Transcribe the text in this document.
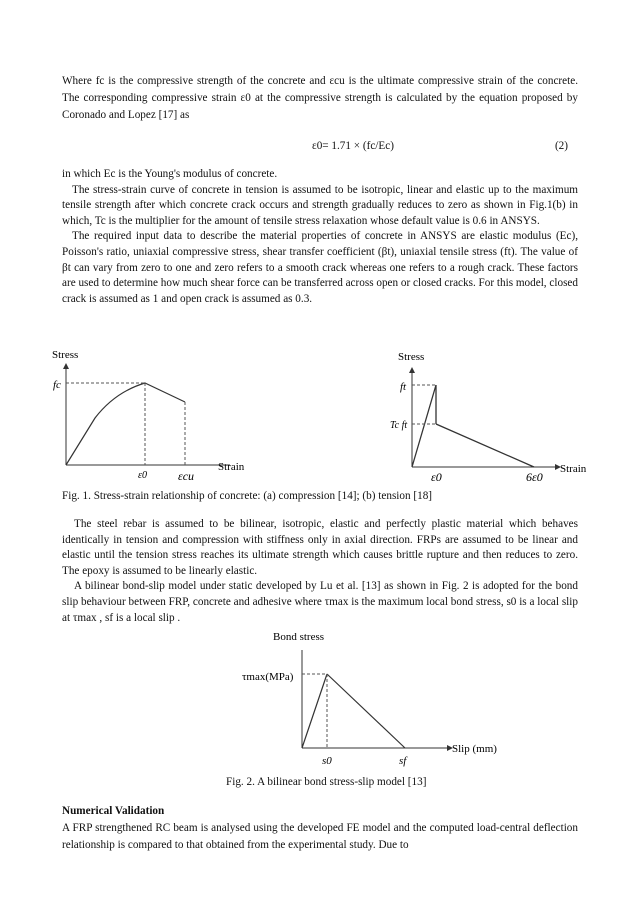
Where fc is the compressive strength of the concrete and εcu is the ultimate compressive strain of the concrete. The corresponding compressive strain ε0 at the compressive strength is calculated by the equation proposed by Coronado and Lopez [17] as
ε0= 1.71 × (fc/Ec)	(2)
in which Ec is the Young's modulus of concrete.
The stress-strain curve of concrete in tension is assumed to be isotropic, linear and elastic up to the maximum tensile strength after which concrete crack occurs and strength gradually reduces to zero as shown in Fig.1(b) in which, Tc is the multiplier for the amount of tensile stress relaxation whose default value is 0.6 in ANSYS.
The required input data to describe the material properties of concrete in ANSYS are elastic modulus (Ec), Poisson's ratio, uniaxial compressive stress, shear transfer coefficient (βt), uniaxial tensile stress (ft). The value of βt can vary from zero to one and zero refers to a smooth crack whereas one refers to a rough crack. These factors are used to determine how much shear force can be transferred across open or closed cracks. For this model, closed crack is assumed as 1 and open crack is assumed as 0.3.
Stress
fc
ε0	εcu
Strain
Stress
ft
Tc ft
ε0	6ε0
Strain
Fig. 1. Stress-strain relationship of concrete: (a) compression [14]; (b) tension [18]
The steel rebar is assumed to be bilinear, isotropic, elastic and perfectly plastic material which behaves identically in tension and compression with stiffness only in axial direction. FRPs are assumed to be linear and elastic until the tension stress reaches its ultimate strength which causes brittle rupture and then reduces to zero. The epoxy is assumed to be linearly elastic.
A bilinear bond-slip model under static developed by Lu et al. [13] as shown in Fig. 2 is adopted for the bond slip behaviour between FRP, concrete and adhesive where τmax is the maximum local bond stress, s0 is a local slip at τmax , sf is a local slip .
Bond stress
τmax(MPa)
s0	sf
Slip (mm)
Fig. 2. A bilinear bond stress-slip model [13]
Numerical Validation
A FRP strengthened RC beam is analysed using the developed FE model and the computed load-central deflection relationship is compared to that obtained from the experimental study. Due to
